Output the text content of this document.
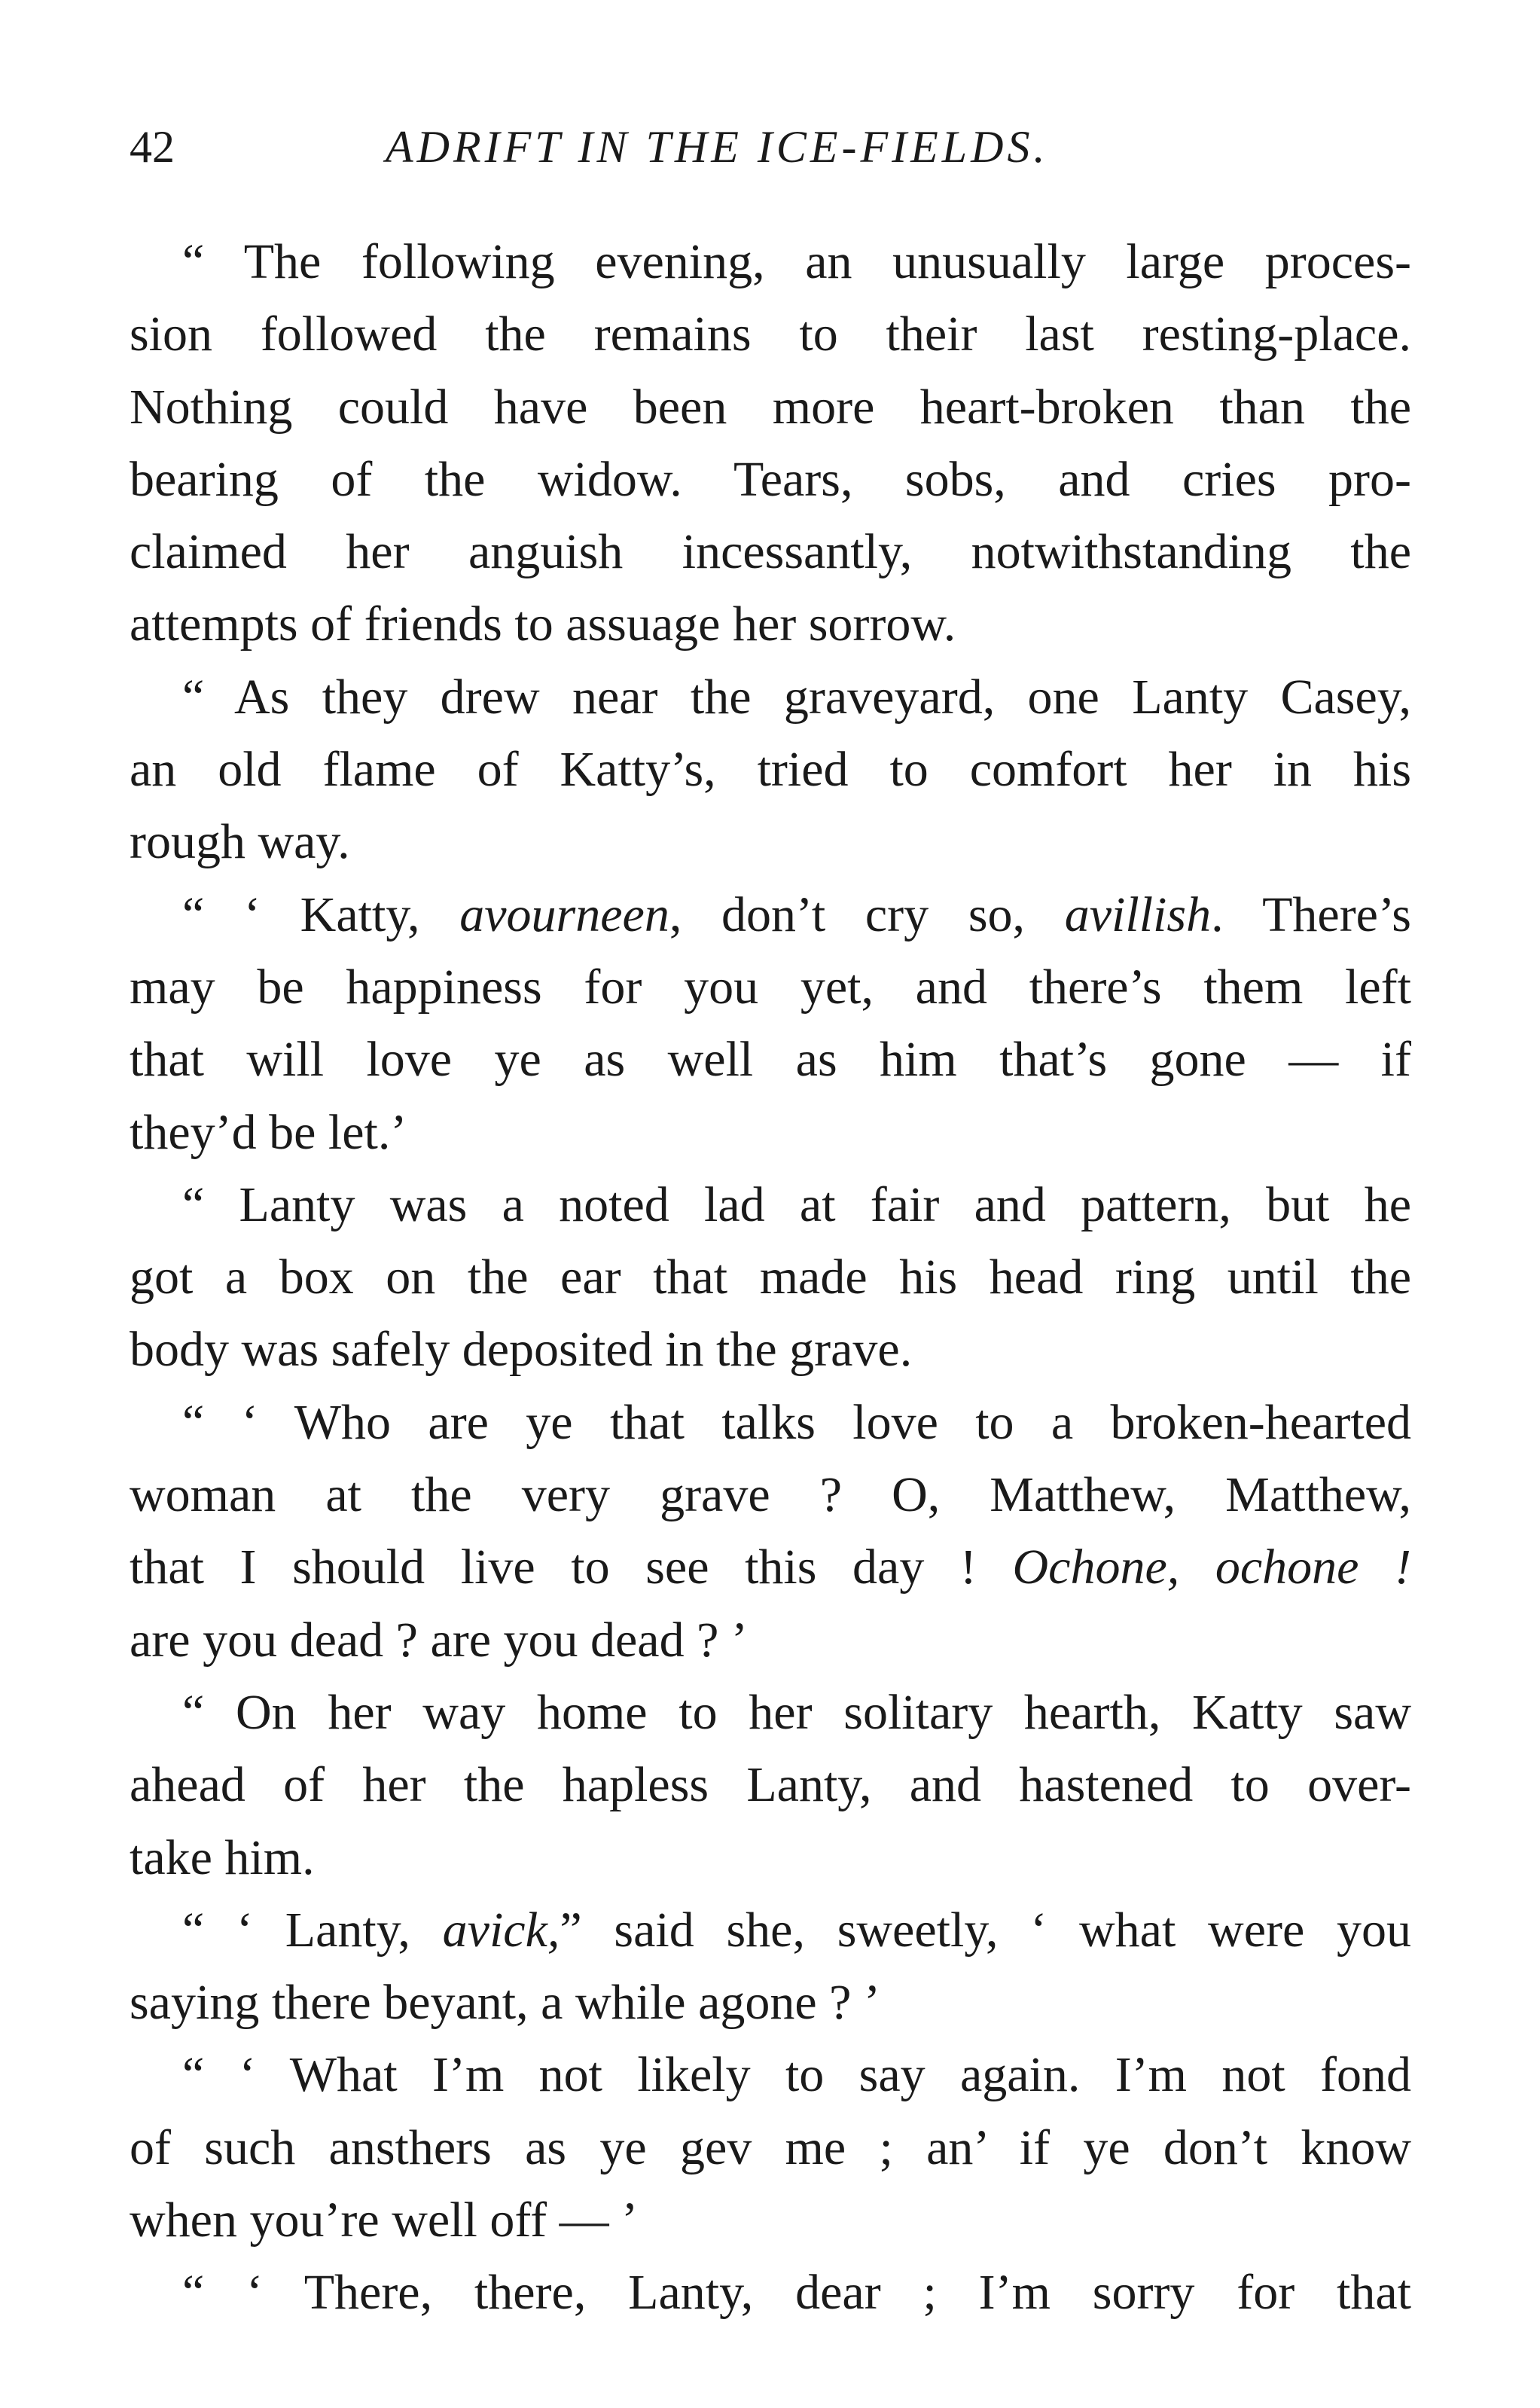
42	ADRIFT IN THE ICE-FIELDS.
“ The following evening, an unusually large proces-
sion followed the remains to their last resting-place.
Nothing could have been more heart-broken than the
bearing of the widow. Tears, sobs, and cries pro-
claimed her anguish incessantly, notwithstanding the
attempts of friends to assuage her sorrow.
“ As they drew near the graveyard, one Lanty Casey,
an old flame of Katty’s, tried to comfort her in his
rough way.
“ ‘ Katty, avourneen, don’t cry so, avillish. There’s
may be happiness for you yet, and there’s them left
that will love ye as well as him that’s gone — if
they’d be let.’
“ Lanty was a noted lad at fair and pattern, but he
got a box on the ear that made his head ring until the
body was safely deposited in the grave.
“ ‘ Who are ye that talks love to a broken-hearted
woman at the very grave ? O, Matthew, Matthew,
that I should live to see this day ! Ochone, ochone !
are you dead ? are you dead ? ’
“ On her way home to her solitary hearth, Katty saw
ahead of her the hapless Lanty, and hastened to over-
take him.
“ ‘ Lanty, avick,” said she, sweetly, ‘ what were you
saying there beyant, a while agone ? ’
“ ‘ What I’m not likely to say again. I’m not fond
of such ansthers as ye gev me ; an’ if ye don’t know
when you’re well off — ’
“ ‘ There, there, Lanty, dear ; I’m sorry for that
